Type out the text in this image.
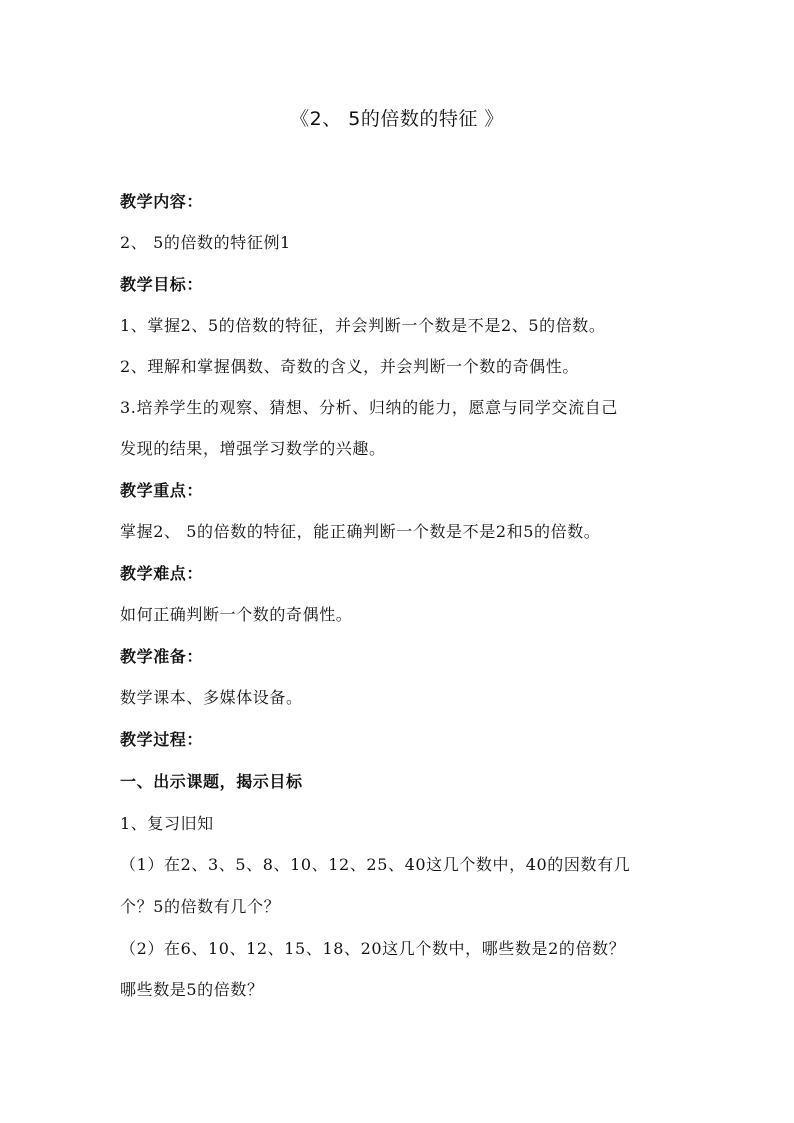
《2、 5的倍数的特征 》
教学内容：
2、 5的倍数的特征例1
教学目标：
1、掌握2、5的倍数的特征，并会判断一个数是不是2、5的倍数。
2、理解和掌握偶数、奇数的含义，并会判断一个数的奇偶性。
3.培养学生的观察、猜想、分析、归纳的能力，愿意与同学交流自己
发现的结果，增强学习数学的兴趣。
教学重点：
掌握2、 5的倍数的特征，能正确判断一个数是不是2和5的倍数。
教学难点：
如何正确判断一个数的奇偶性。
教学准备：
数学课本、多媒体设备。
教学过程：
一、出示课题，揭示目标
1、复习旧知
（1）在2、3、5、8、10、12、25、40这几个数中，40的因数有几
个？5的倍数有几个？
（2）在6、10、12、15、18、20这几个数中，哪些数是2的倍数？
哪些数是5的倍数？
